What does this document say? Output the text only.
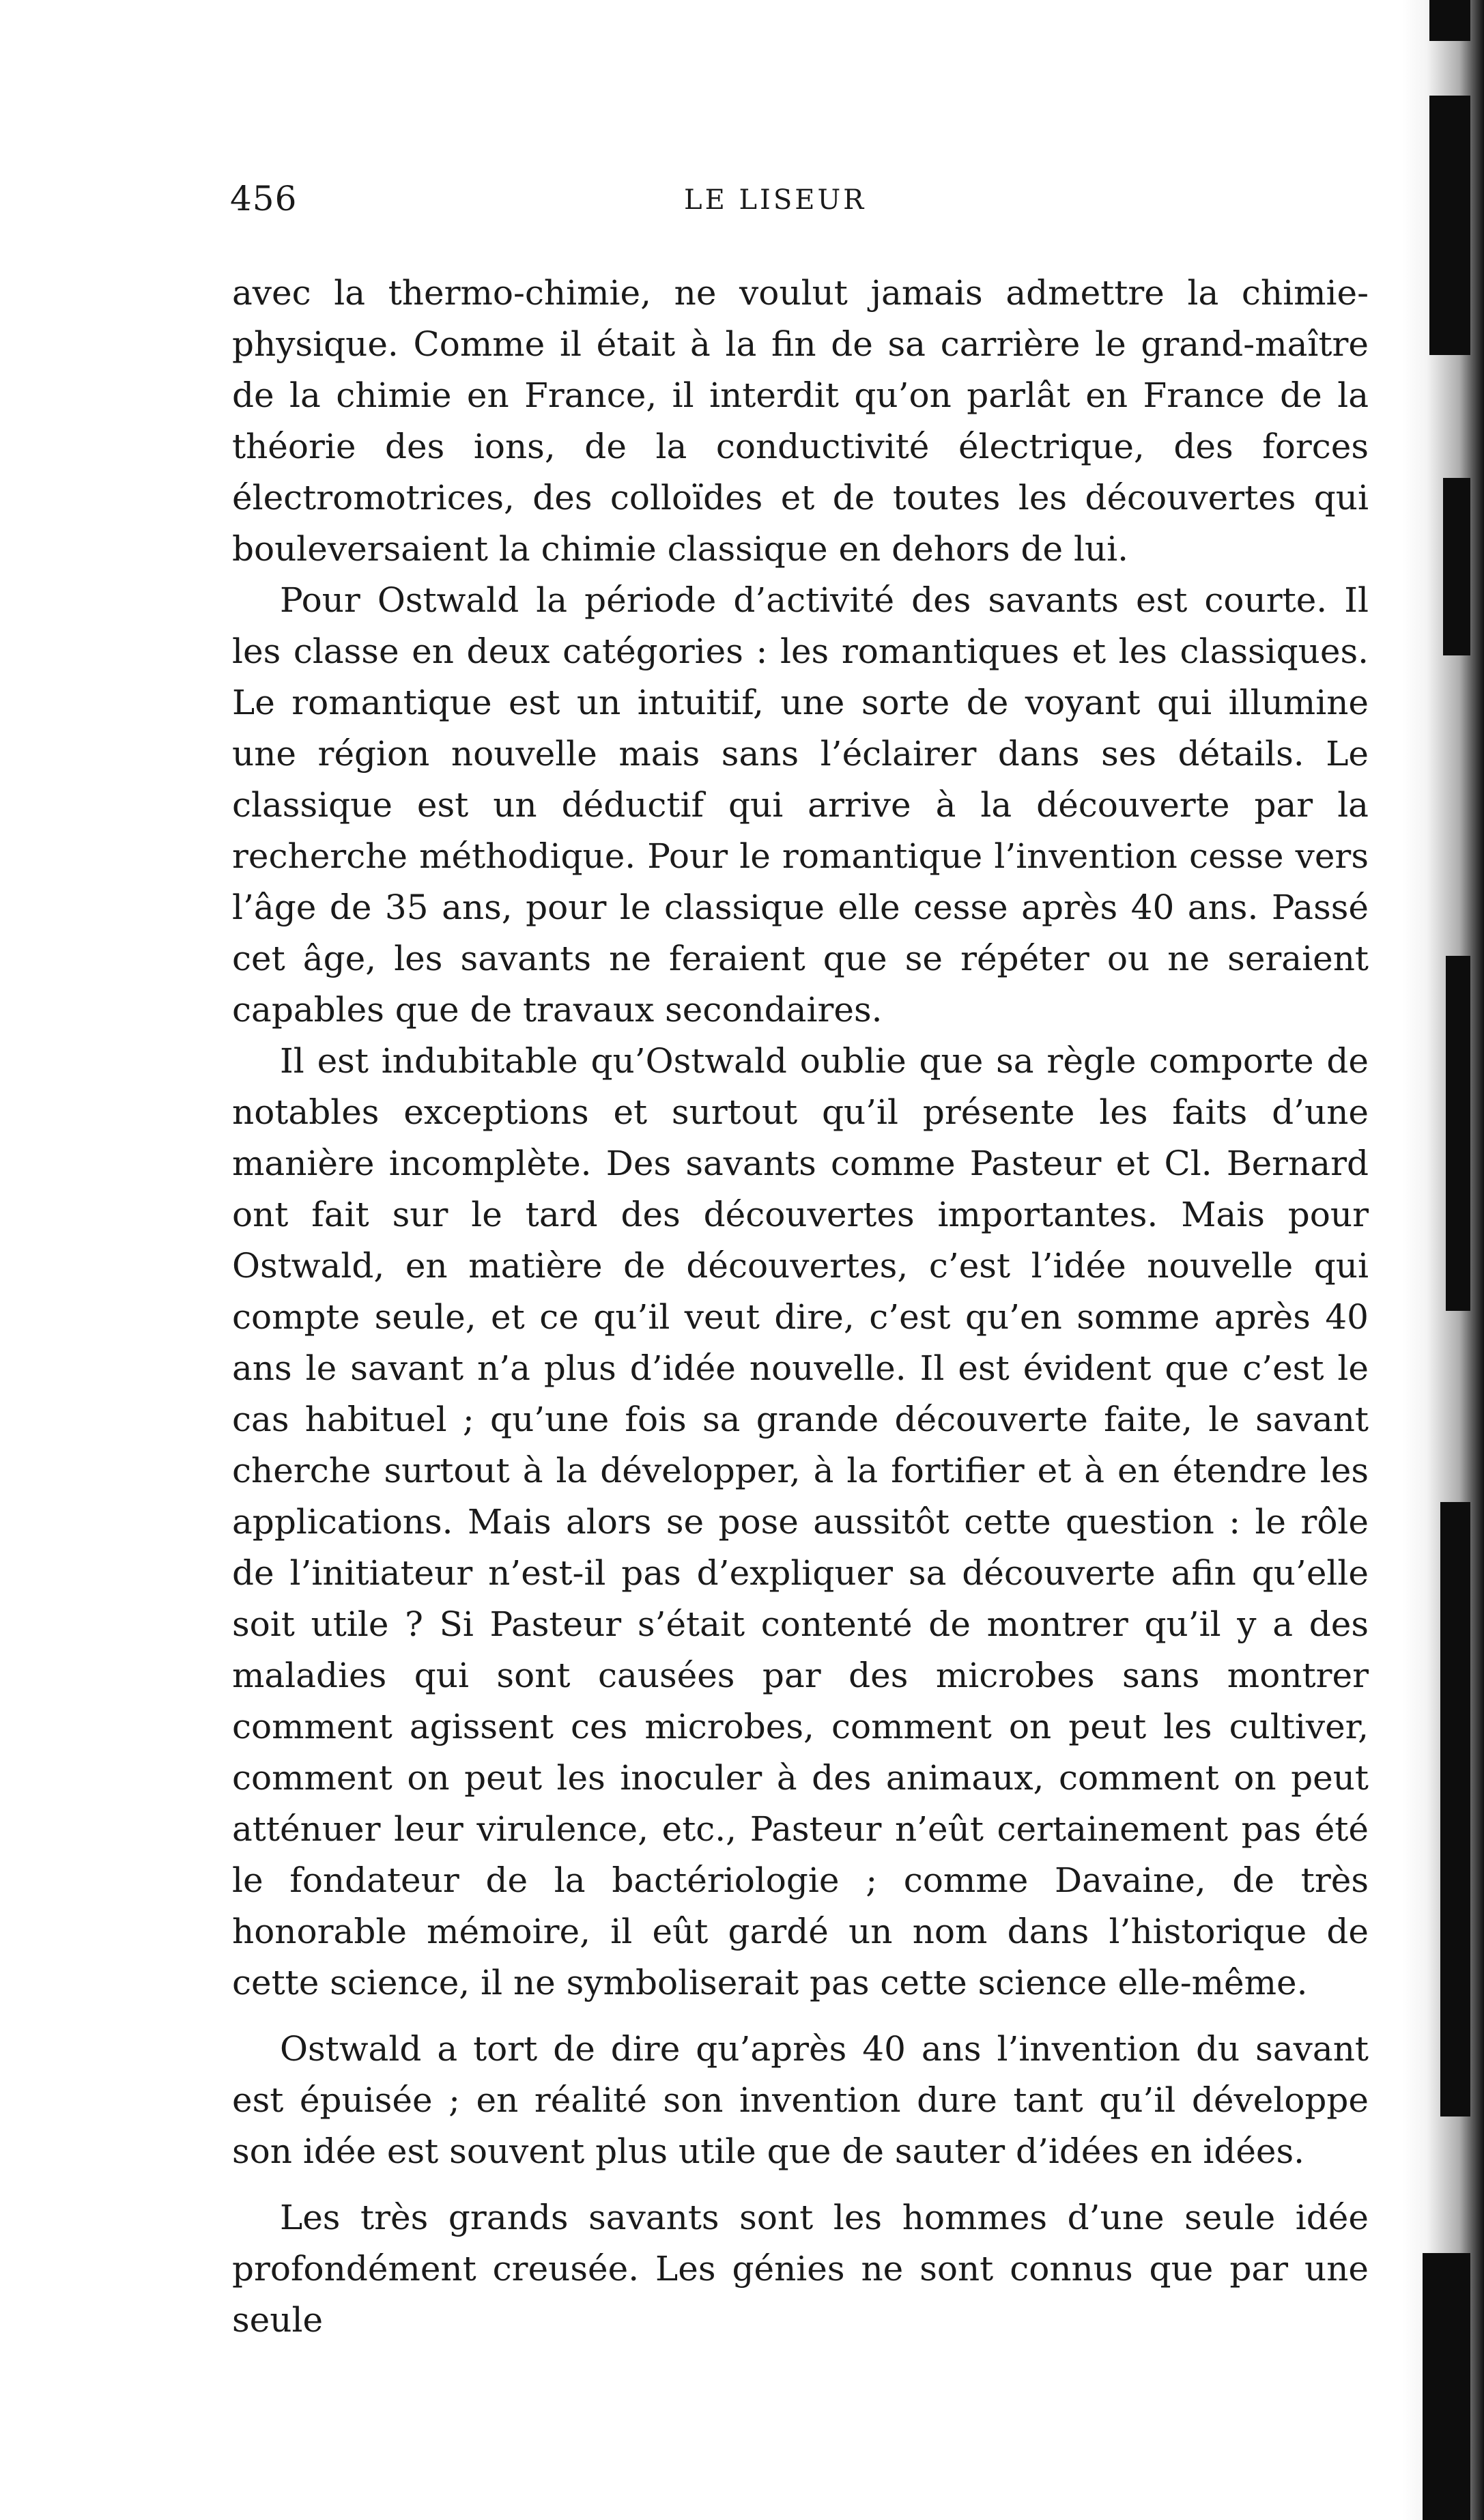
456	LE LISEUR

avec la thermo-chimie, ne voulut jamais admettre la chimie-physique. Comme il était à la fin de sa carrière le grand-maître de la chimie en France, il interdit qu’on parlât en France de la théorie des ions, de la conductivité électrique, des forces électromotrices, des colloïdes et de toutes les découvertes qui bouleversaient la chimie classique en dehors de lui.

Pour Ostwald la période d’activité des savants est courte. Il les classe en deux catégories : les romantiques et les classiques. Le romantique est un intuitif, une sorte de voyant qui illumine une région nouvelle mais sans l’éclairer dans ses détails. Le classique est un déductif qui arrive à la découverte par la recherche méthodique. Pour le romantique l’invention cesse vers l’âge de 35 ans, pour le classique elle cesse après 40 ans. Passé cet âge, les savants ne feraient que se répéter ou ne seraient capables que de travaux secondaires.

Il est indubitable qu’Ostwald oublie que sa règle comporte de notables exceptions et surtout qu’il présente les faits d’une manière incomplète. Des savants comme Pasteur et Cl. Bernard ont fait sur le tard des découvertes importantes. Mais pour Ostwald, en matière de découvertes, c’est l’idée nouvelle qui compte seule, et ce qu’il veut dire, c’est qu’en somme après 40 ans le savant n’a plus d’idée nouvelle. Il est évident que c’est le cas habituel ; qu’une fois sa grande découverte faite, le savant cherche surtout à la développer, à la fortifier et à en étendre les applications. Mais alors se pose aussitôt cette question : le rôle de l’initiateur n’est-il pas d’expliquer sa découverte afin qu’elle soit utile ? Si Pasteur s’était contenté de montrer qu’il y a des maladies qui sont causées par des microbes sans montrer comment agissent ces microbes, comment on peut les cultiver, comment on peut les inoculer à des animaux, comment on peut atténuer leur virulence, etc., Pasteur n’eût certainement pas été le fondateur de la bactériologie ; comme Davaine, de très honorable mémoire, il eût gardé un nom dans l’historique de cette science, il ne symboliserait pas cette science elle-même.

Ostwald a tort de dire qu’après 40 ans l’invention du savant est épuisée ; en réalité son invention dure tant qu’il développe son idée est souvent plus utile que de sauter d’idées en idées.

Les très grands savants sont les hommes d’une seule idée profondément creusée. Les génies ne sont connus que par une seule
